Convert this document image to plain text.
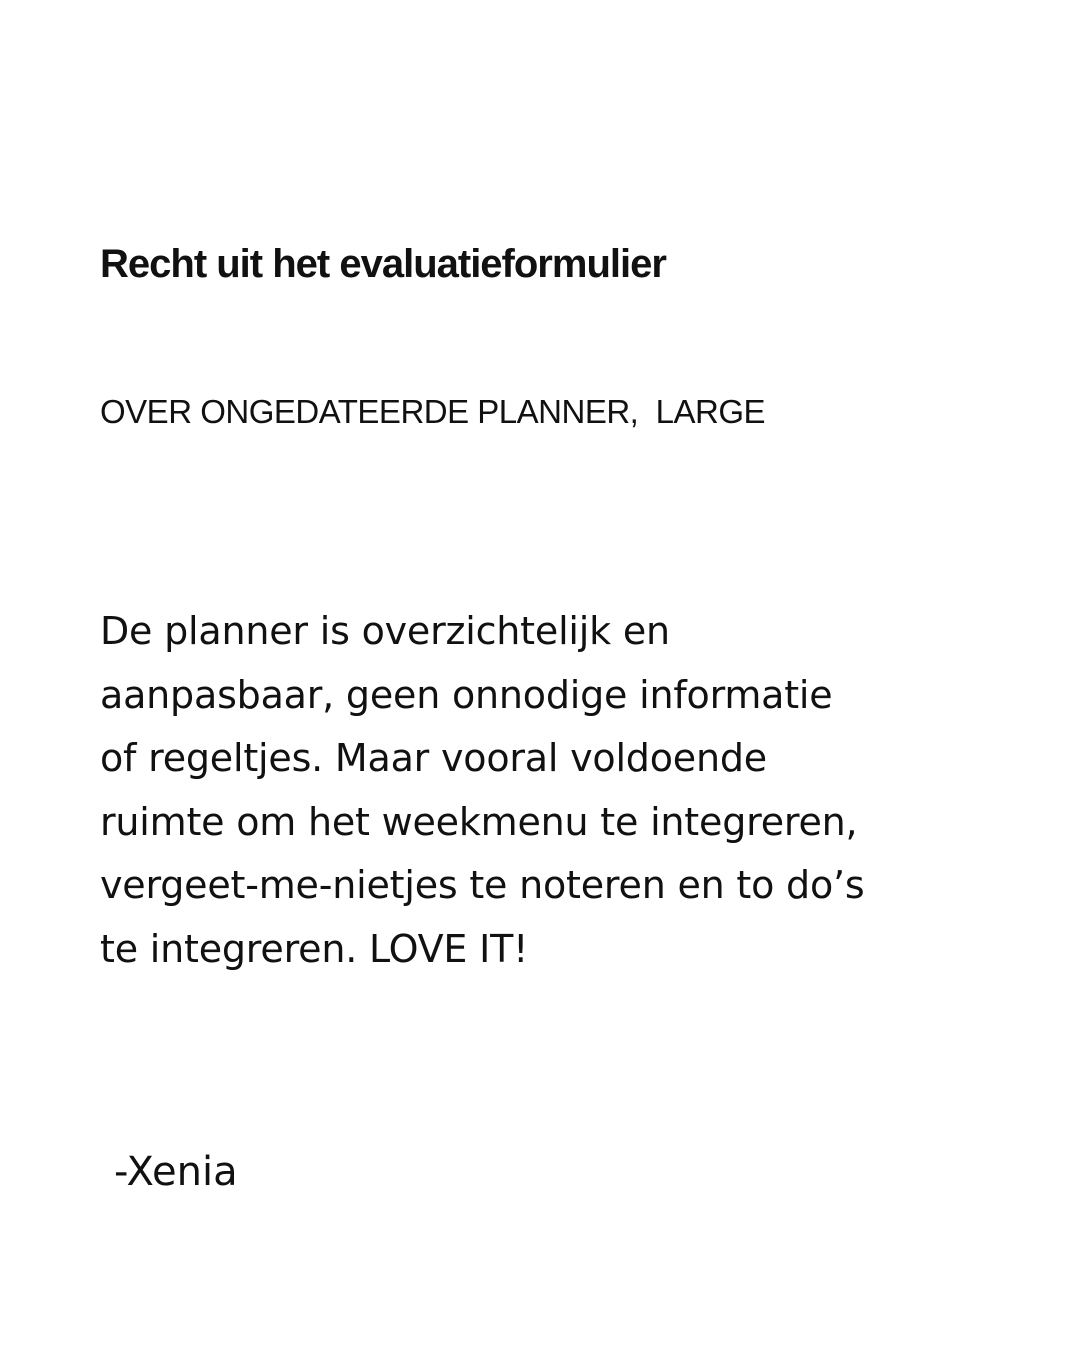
Recht uit het evaluatieformulier

OVER ONGEDATEERDE PLANNER,  LARGE

De planner is overzichtelijk en
aanpasbaar, geen onnodige informatie
of regeltjes. Maar vooral voldoende
ruimte om het weekmenu te integreren,
vergeet-me-nietjes te noteren en to do’s
te integreren. LOVE IT!

-Xenia
